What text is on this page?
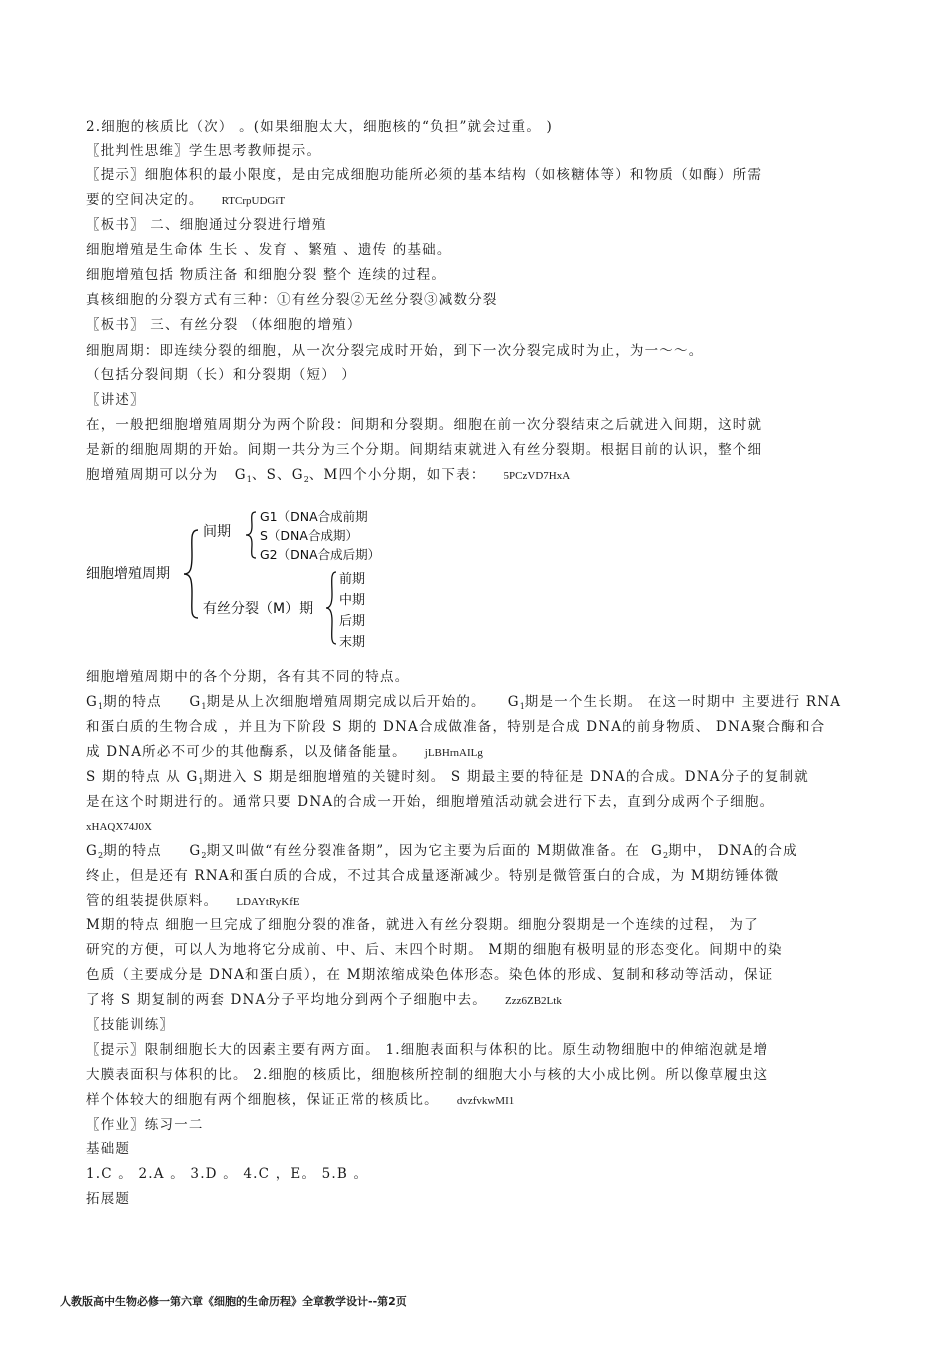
2.细胞的核质比（次） 。(如果细胞太大，细胞核的“负担”就会过重。 )
〖批判性思维〗学生思考教师提示。
〖提示〗细胞体积的最小限度，是由完成细胞功能所必须的基本结构（如核糖体等）和物质（如酶）所需
要的空间决定的。 RTCrpUDGiT
〖板书〗 二、细胞通过分裂进行增殖
细胞增殖是生命体 生长 、发育 、繁殖 、遗传 的基础。
细胞增殖包括 物质注备 和细胞分裂 整个 连续的过程。
真核细胞的分裂方式有三种：①有丝分裂②无丝分裂③减数分裂
〖板书〗 三、有丝分裂 （体细胞的增殖）
细胞周期：即连续分裂的细胞，从一次分裂完成时开始，到下一次分裂完成时为止，为一～～。
（包括分裂间期（长）和分裂期（短） ）
〖讲述〗
在，一般把细胞增殖周期分为两个阶段：间期和分裂期。细胞在前一次分裂结束之后就进入间期，这时就
是新的细胞周期的开始。间期一共分为三个分期。间期结束就进入有丝分裂期。根据目前的认识，整个细
胞增殖周期可以分为 $G_1$、S、$G_2$、M四个小分期，如下表： 5PCzVD7HxA
细胞增殖周期
间期
G1（DNA合成前期
S（DNA合成期）
G2（DNA合成后期）
有丝分裂（M）期
前期
中期
后期
末期
细胞增殖周期中的各个分期，各有其不同的特点。
$G_1$期的特点 $G_1$期是从上次细胞增殖周期完成以后开始的。 $G_1$期是一个生长期。 在这一时期中 主要进行 RNA
和蛋白质的生物合成 ，并且为下阶段 S 期的 DNA合成做准备，特别是合成 DNA的前身物质、 DNA聚合酶和合
成 DNA所必不可少的其他酶系，以及储备能量。 jLBHrnAILg
S 期的特点 从 $G_1$期进入 S 期是细胞增殖的关键时刻。 S 期最主要的特征是 DNA的合成。DNA分子的复制就
是在这个时期进行的。通常只要 DNA的合成一开始，细胞增殖活动就会进行下去，直到分成两个子细胞。
xHAQX74J0X
$G_2$期的特点 $G_2$期又叫做“有丝分裂准备期”，因为它主要为后面的 M期做准备。在 $G_2$期中， DNA的合成
终止，但是还有 RNA和蛋白质的合成，不过其合成量逐渐减少。特别是微管蛋白的合成，为 M期纺锤体微
管的组装提供原料。 LDAYtRyKfE
M期的特点 细胞一旦完成了细胞分裂的准备，就进入有丝分裂期。细胞分裂期是一个连续的过程， 为了
研究的方便，可以人为地将它分成前、中、后、末四个时期。 M期的细胞有极明显的形态变化。间期中的染
色质（主要成分是 DNA和蛋白质），在 M期浓缩成染色体形态。染色体的形成、复制和移动等活动，保证
了将 S 期复制的两套 DNA分子平均地分到两个子细胞中去。 Zzz6ZB2Ltk
〖技能训练〗
〖提示〗限制细胞长大的因素主要有两方面。 1.细胞表面积与体积的比。原生动物细胞中的伸缩泡就是增
大膜表面积与体积的比。 2.细胞的核质比，细胞核所控制的细胞大小与核的大小成比例。所以像草履虫这
样个体较大的细胞有两个细胞核，保证正常的核质比。 dvzfvkwMI1
〖作业〗练习一二
基础题
1.C 。 2.A 。 3.D 。 4.C ，E。 5.B 。
拓展题
人教版高中生物必修一第六章《细胞的生命历程》全章教学设计--第2页
